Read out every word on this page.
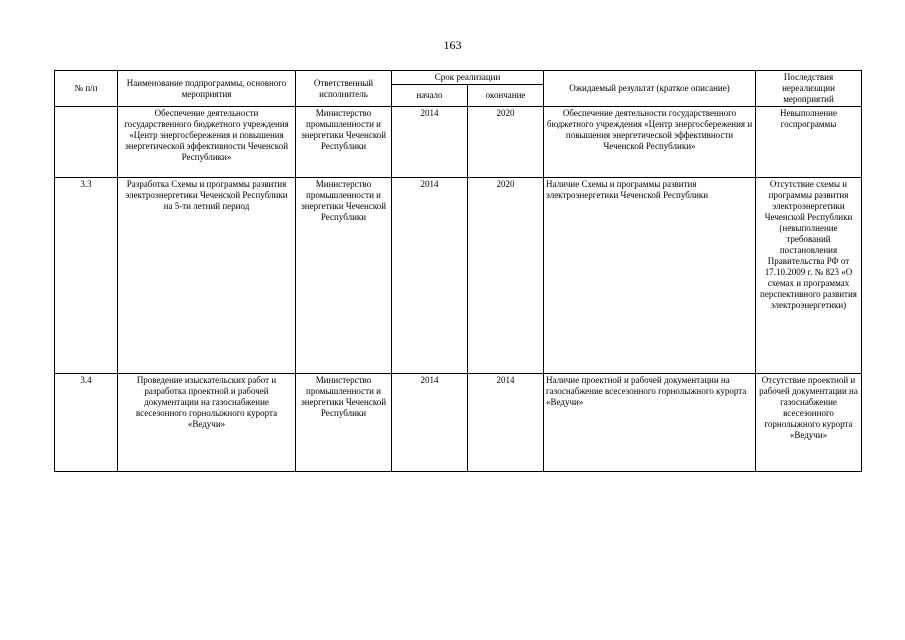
163
№ п/п	Наименование подпрограммы, основного мероприятия	Ответственный исполнитель	Срок реализации		Ожидаемый результат (краткое описание)	Последствия нереализации мероприятий
			начало	окончание		
	Обеспечение деятельности государственного бюджетного учреждения «Центр энергосбережения и повышения энергетической эффективности Чеченской Республики»	Министерство промышленности и энергетики Чеченской Республики	2014	2020	Обеспечение деятельности государственного бюджетного учреждения «Центр энергосбережения и повышения энергетической эффективности Чеченской Республики»	Невыполнение госпрограммы
3.3	Разработка Схемы и программы развития электроэнергетики Чеченской Республики на 5-ти летний период	Министерство промышленности и энергетики Чеченской Республики	2014	2020	Наличие Схемы и программы развития электроэнергетики Чеченской Республики	Отсутствие схемы и программы развития электроэнергетики Чеченской Республики (невыполнение требований постановления Правительства РФ от 17.10.2009 г. № 823 «О схемах и программах перспективного развития электроэнергетики)
3.4	Проведение изыскательских работ и разработка проектной и рабочей документации на газоснабжение всесезонного горнолыжного курорта «Ведучи»	Министерство промышленности и энергетики Чеченской Республики	2014	2014	Наличие проектной и рабочей документации на газоснабжение всесезонного горнолыжного курорта «Ведучи»	Отсутствие проектной и рабочей документации на газоснабжение всесезонного горнолыжного курорта «Ведучи»
